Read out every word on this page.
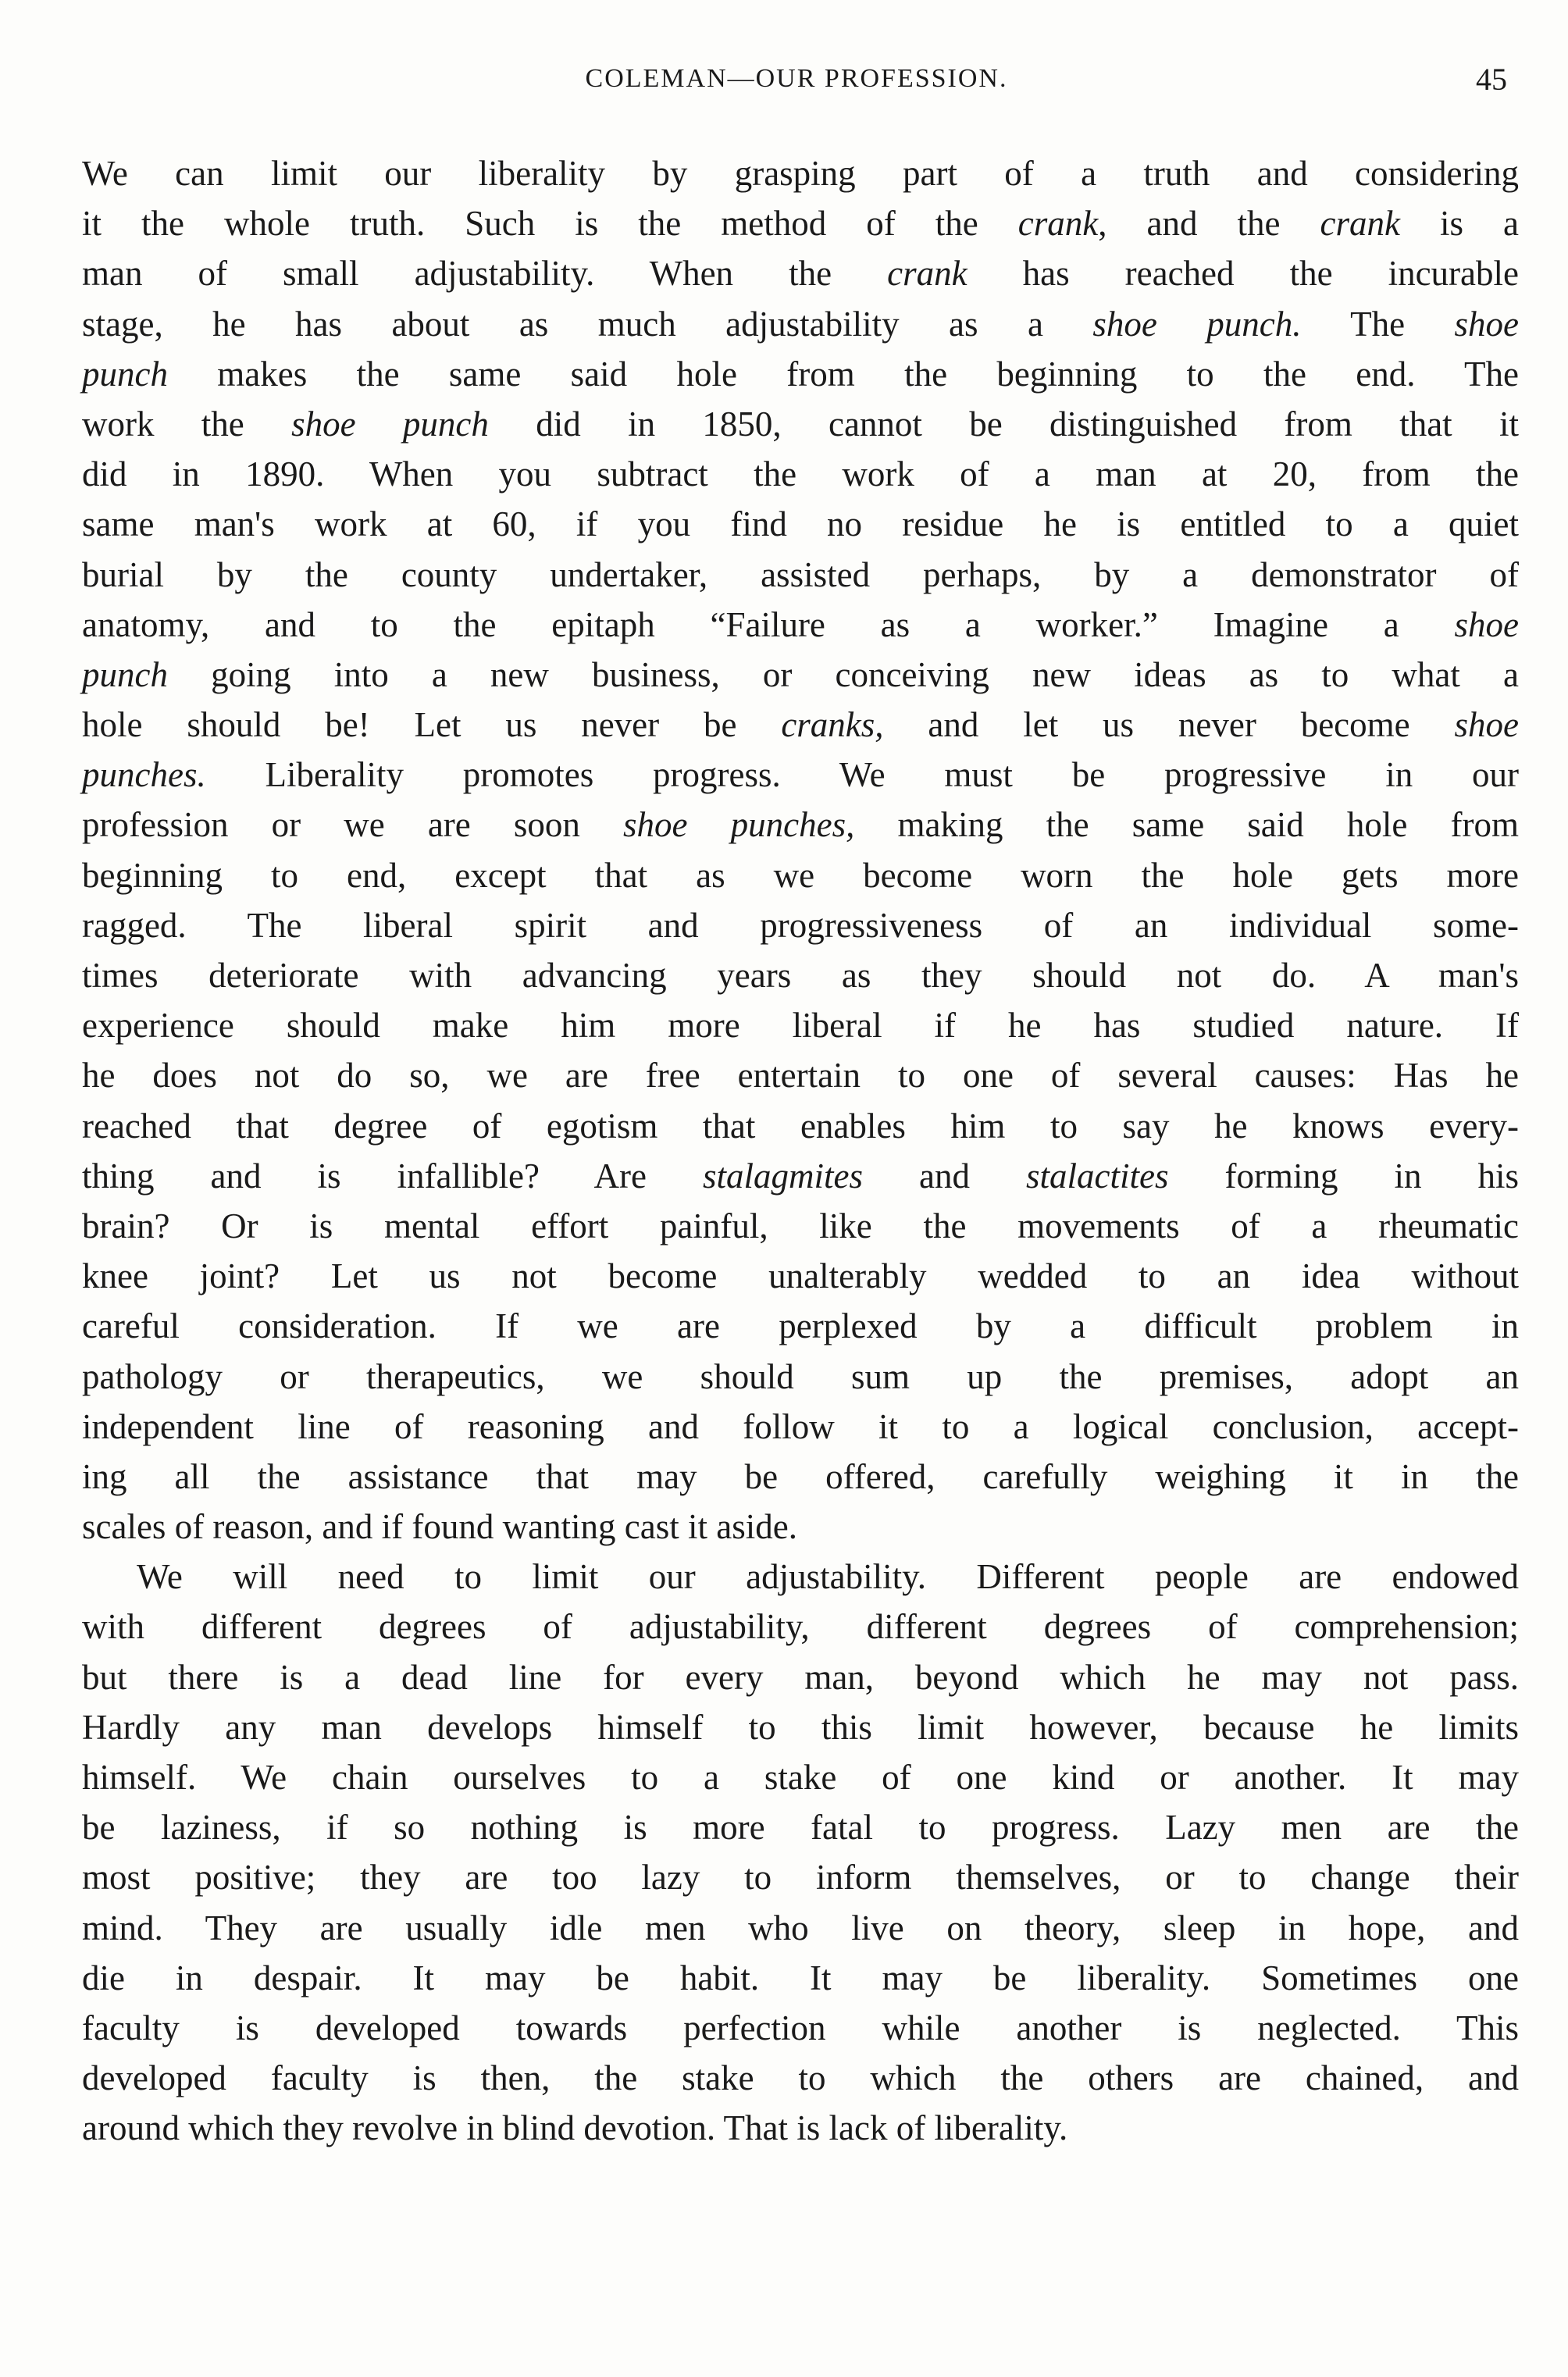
COLEMAN—OUR PROFESSION.	45
We can limit our liberality by grasping part of a truth and considering
it the whole truth. Such is the method of the crank, and the crank is a
man of small adjustability. When the crank has reached the incurable
stage, he has about as much adjustability as a shoe punch. The shoe
punch makes the same said hole from the beginning to the end. The
work the shoe punch did in 1850, cannot be distinguished from that it
did in 1890. When you subtract the work of a man at 20, from the
same man's work at 60, if you find no residue he is entitled to a quiet
burial by the county undertaker, assisted perhaps, by a demonstrator of
anatomy, and to the epitaph “Failure as a worker.” Imagine a shoe
punch going into a new business, or conceiving new ideas as to what a
hole should be! Let us never be cranks, and let us never become shoe
punches. Liberality promotes progress. We must be progressive in our
profession or we are soon shoe punches, making the same said hole from
beginning to end, except that as we become worn the hole gets more
ragged. The liberal spirit and progressiveness of an individual some-
times deteriorate with advancing years as they should not do. A man's
experience should make him more liberal if he has studied nature. If
he does not do so, we are free entertain to one of several causes: Has he
reached that degree of egotism that enables him to say he knows every-
thing and is infallible? Are stalagmites and stalactites forming in his
brain? Or is mental effort painful, like the movements of a rheumatic
knee joint? Let us not become unalterably wedded to an idea without
careful consideration. If we are perplexed by a difficult problem in
pathology or therapeutics, we should sum up the premises, adopt an
independent line of reasoning and follow it to a logical conclusion, accept-
ing all the assistance that may be offered, carefully weighing it in the
scales of reason, and if found wanting cast it aside.
We will need to limit our adjustability. Different people are endowed
with different degrees of adjustability, different degrees of comprehension;
but there is a dead line for every man, beyond which he may not pass.
Hardly any man develops himself to this limit however, because he limits
himself. We chain ourselves to a stake of one kind or another. It may
be laziness, if so nothing is more fatal to progress. Lazy men are the
most positive; they are too lazy to inform themselves, or to change their
mind. They are usually idle men who live on theory, sleep in hope, and
die in despair. It may be habit. It may be liberality. Sometimes one
faculty is developed towards perfection while another is neglected. This
developed faculty is then, the stake to which the others are chained, and
around which they revolve in blind devotion. That is lack of liberality.
